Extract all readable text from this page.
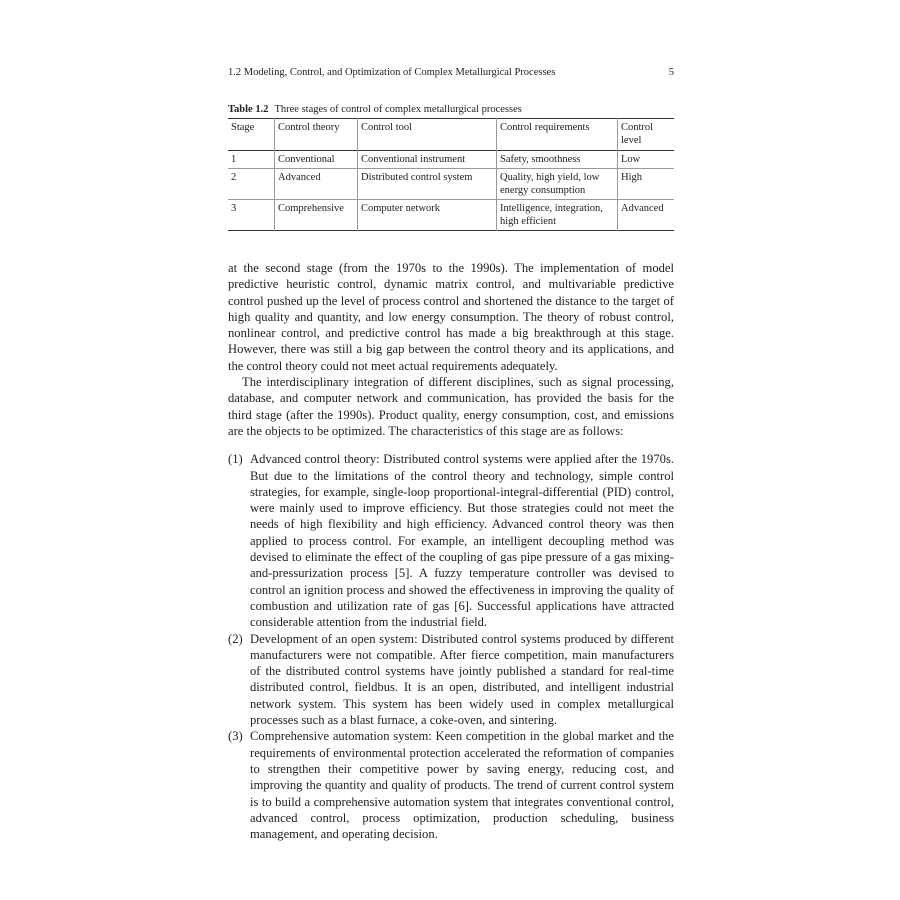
1.2 Modeling, Control, and Optimization of Complex Metallurgical Processes	5
Table 1.2 Three stages of control of complex metallurgical processes
Stage	Control theory	Control tool	Control requirements	Control level
1	Conventional	Conventional instrument	Safety, smoothness	Low
2	Advanced	Distributed control system	Quality, high yield, low energy consumption	High
3	Comprehensive	Computer network	Intelligence, integration, high efficient	Advanced

at the second stage (from the 1970s to the 1990s). The implementation of model predictive heuristic control, dynamic matrix control, and multivariable predictive control pushed up the level of process control and shortened the distance to the target of high quality and quantity, and low energy consumption. The theory of robust control, nonlinear control, and predictive control has made a big breakthrough at this stage. However, there was still a big gap between the control theory and its applications, and the control theory could not meet actual requirements adequately.

The interdisciplinary integration of different disciplines, such as signal processing, database, and computer network and communication, has provided the basis for the third stage (after the 1990s). Product quality, energy consumption, cost, and emissions are the objects to be optimized. The characteristics of this stage are as follows:

(1) Advanced control theory: Distributed control systems were applied after the 1970s. But due to the limitations of the control theory and technology, simple control strategies, for example, single-loop proportional-integral-differential (PID) control, were mainly used to improve efficiency. But those strategies could not meet the needs of high flexibility and high efficiency. Advanced control theory was then applied to process control. For example, an intelligent decoupling method was devised to eliminate the effect of the coupling of gas pipe pressure of a gas mixing-and-pressurization process [5]. A fuzzy temperature controller was devised to control an ignition process and showed the effectiveness in improving the quality of combustion and utilization rate of gas [6]. Successful applications have attracted considerable attention from the industrial field.
(2) Development of an open system: Distributed control systems produced by different manufacturers were not compatible. After fierce competition, main manufacturers of the distributed control systems have jointly published a standard for real-time distributed control, fieldbus. It is an open, distributed, and intelligent industrial network system. This system has been widely used in complex metallurgical processes such as a blast furnace, a coke-oven, and sintering.
(3) Comprehensive automation system: Keen competition in the global market and the requirements of environmental protection accelerated the reformation of companies to strengthen their competitive power by saving energy, reducing cost, and improving the quantity and quality of products. The trend of current control system is to build a comprehensive automation system that integrates conventional control, advanced control, process optimization, production scheduling, business management, and operating decision.
